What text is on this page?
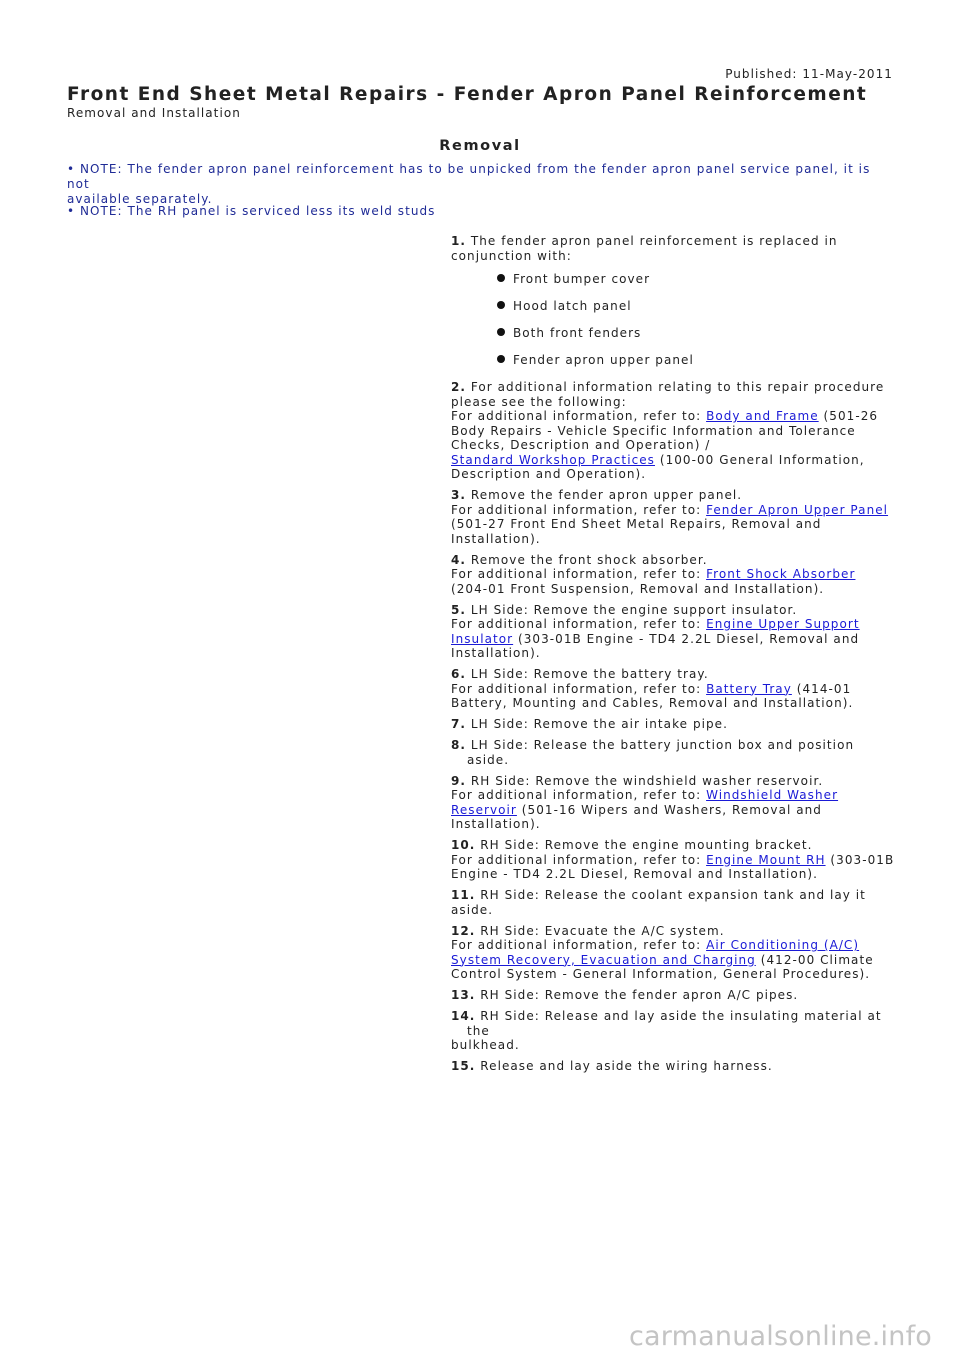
Published: 11-May-2011
Front End Sheet Metal Repairs - Fender Apron Panel Reinforcement
Removal and Installation
Removal
• NOTE: The fender apron panel reinforcement has to be unpicked from the fender apron panel service panel, it is not
available separately.
• NOTE: The RH panel is serviced less its weld studs
1. The fender apron panel reinforcement is replaced in
conjunction with:
Front bumper cover
Hood latch panel
Both front fenders
Fender apron upper panel
2. For additional information relating to this repair procedure
please see the following:
For additional information, refer to: Body and Frame (501-26
Body Repairs - Vehicle Specific Information and Tolerance
Checks, Description and Operation) /
Standard Workshop Practices (100-00 General Information,
Description and Operation).
3. Remove the fender apron upper panel.
For additional information, refer to: Fender Apron Upper Panel
(501-27 Front End Sheet Metal Repairs, Removal and
Installation).
4. Remove the front shock absorber.
For additional information, refer to: Front Shock Absorber
(204-01 Front Suspension, Removal and Installation).
5. LH Side: Remove the engine support insulator.
For additional information, refer to: Engine Upper Support
Insulator (303-01B Engine - TD4 2.2L Diesel, Removal and
Installation).
6. LH Side: Remove the battery tray.
For additional information, refer to: Battery Tray (414-01
Battery, Mounting and Cables, Removal and Installation).
7. LH Side: Remove the air intake pipe.
8. LH Side: Release the battery junction box and position aside.
9. RH Side: Remove the windshield washer reservoir.
For additional information, refer to: Windshield Washer
Reservoir (501-16 Wipers and Washers, Removal and
Installation).
10. RH Side: Remove the engine mounting bracket.
For additional information, refer to: Engine Mount RH (303-01B
Engine - TD4 2.2L Diesel, Removal and Installation).
11. RH Side: Release the coolant expansion tank and lay it
aside.
12. RH Side: Evacuate the A/C system.
For additional information, refer to: Air Conditioning (A/C)
System Recovery, Evacuation and Charging (412-00 Climate
Control System - General Information, General Procedures).
13. RH Side: Remove the fender apron A/C pipes.
14. RH Side: Release and lay aside the insulating material at the
bulkhead.
15. Release and lay aside the wiring harness.
carmanualsonline.info
